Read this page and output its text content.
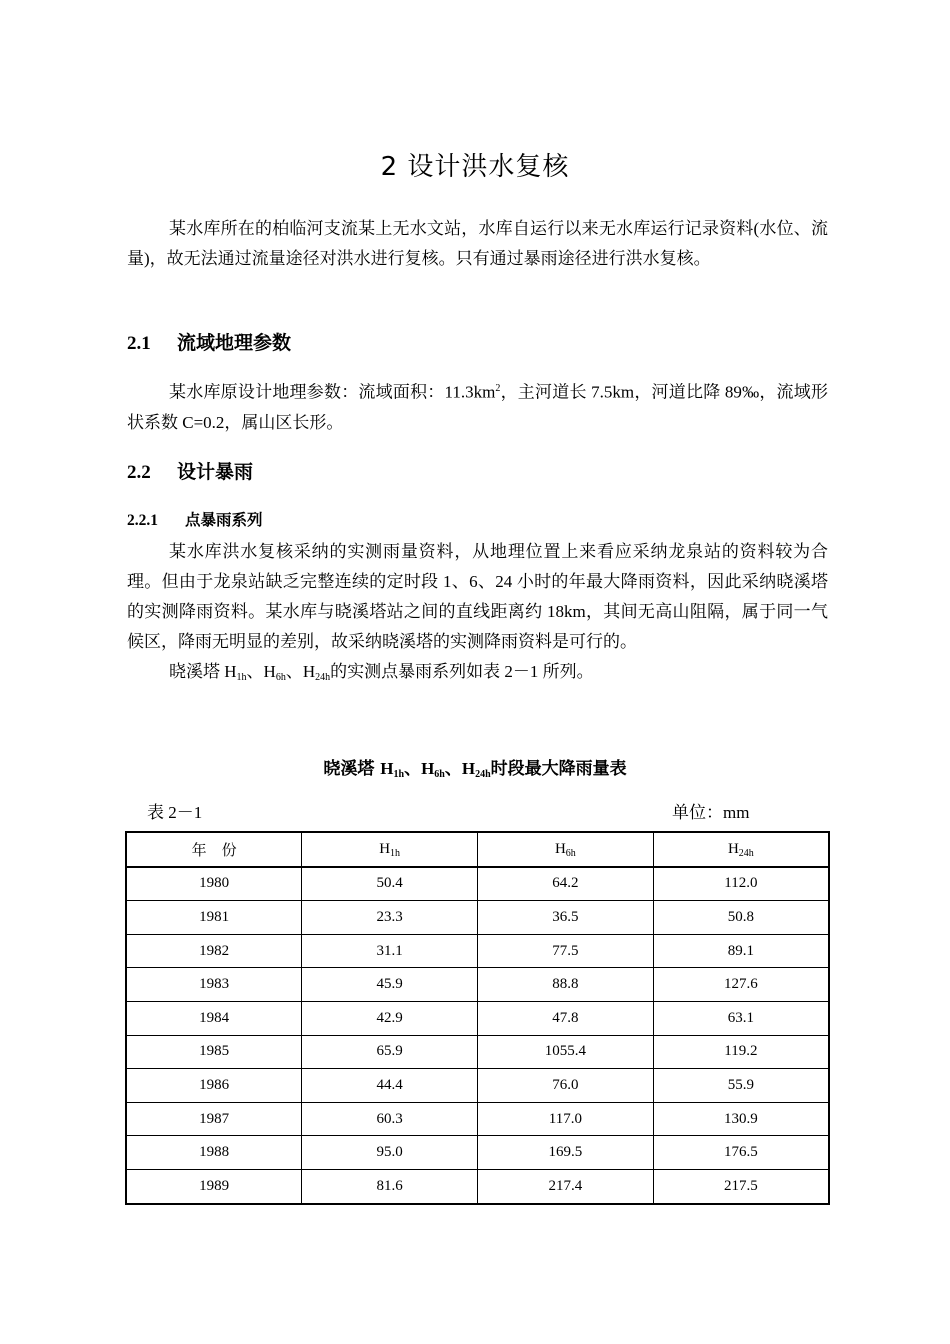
2 设计洪水复核

某水库所在的柏临河支流某上无水文站，水库自运行以来无水库运行记录资料(水位、流量)，故无法通过流量途径对洪水进行复核。只有通过暴雨途径进行洪水复核。

2.1 流域地理参数

某水库原设计地理参数：流域面积：$11.3km^2$，主河道长 7.5km，河道比降 89‰，流域形状系数 C=0.2，属山区长形。

2.2 设计暴雨
2.2.1 点暴雨系列

某水库洪水复核采纳的实测雨量资料，从地理位置上来看应采纳龙泉站的资料较为合理。但由于龙泉站缺乏完整连续的定时段 1、6、24 小时的年最大降雨资料，因此采纳晓溪塔的实测降雨资料。某水库与晓溪塔站之间的直线距离约 18km，其间无高山阻隔，属于同一气候区，降雨无明显的差别，故采纳晓溪塔的实测降雨资料是可行的。

晓溪塔 $H_{1h}$、$H_{6h}$、$H_{24h}$的实测点暴雨系列如表 2－1 所列。

晓溪塔 $H_{1h}$、$H_{6h}$、$H_{24h}$时段最大降雨量表
表 2－1	单位：mm
年　份	$H_{1h}$	$H_{6h}$	$H_{24h}$
1980	50.4	64.2	112.0
1981	23.3	36.5	50.8
1982	31.1	77.5	89.1
1983	45.9	88.8	127.6
1984	42.9	47.8	63.1
1985	65.9	1055.4	119.2
1986	44.4	76.0	55.9
1987	60.3	117.0	130.9
1988	95.0	169.5	176.5
1989	81.6	217.4	217.5
